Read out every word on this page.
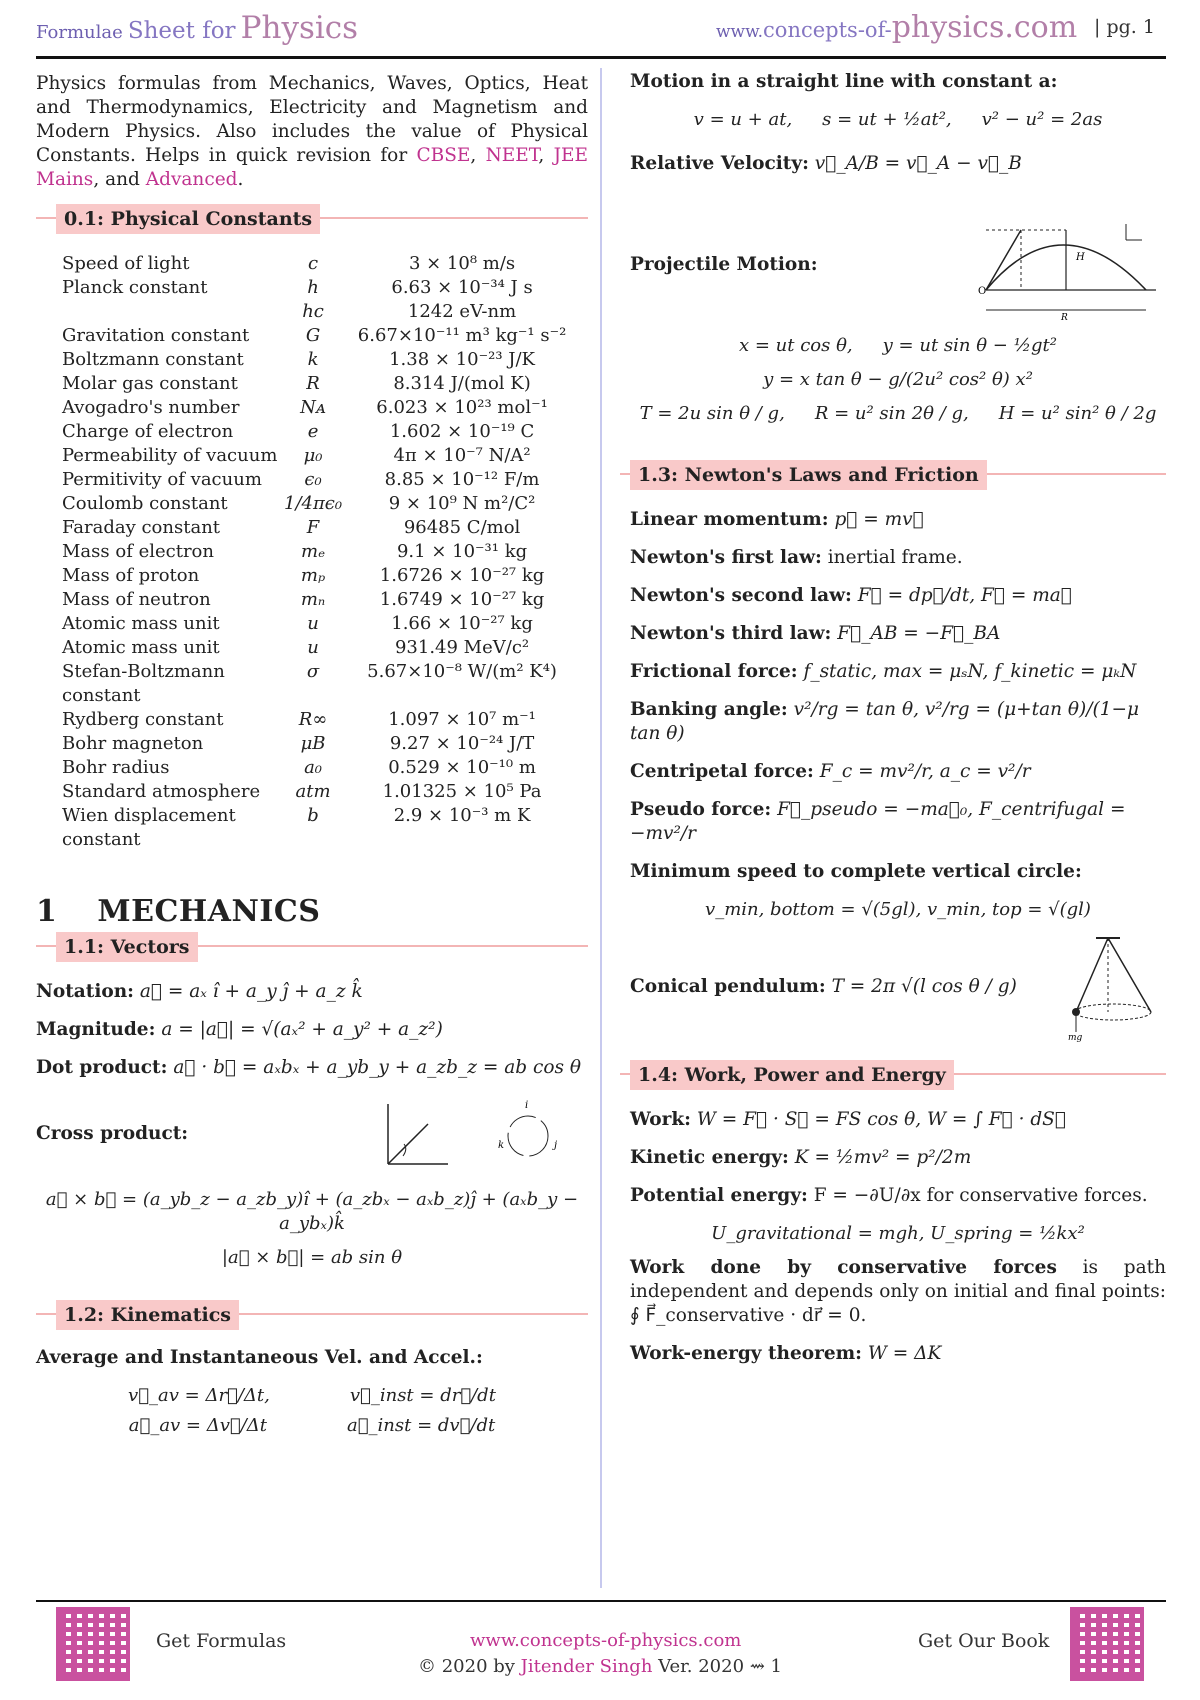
Formulae Sheet for Physics	www.concepts-of-physics.com | pg. 1
Physics formulas from Mechanics, Waves, Optics, Heat and Thermodynamics, Electricity and Magnetism and Modern Physics. Also includes the value of Physical Constants. Helps in quick revision for CBSE, NEET, JEE Mains, and Advanced.
0.1: Physical Constants
Speed of light	c	3 × 10⁸ m/s
Planck constant	h	6.63 × 10⁻³⁴ J s
	hc	1242 eV-nm
Gravitation constant	G	6.67×10⁻¹¹ m³ kg⁻¹ s⁻²
Boltzmann constant	k	1.38 × 10⁻²³ J/K
Molar gas constant	R	8.314 J/(mol K)
Avogadro's number	Nᴀ	6.023 × 10²³ mol⁻¹
Charge of electron	e	1.602 × 10⁻¹⁹ C
Permeability of vacuum	μ₀	4π × 10⁻⁷ N/A²
Permitivity of vacuum	ϵ₀	8.85 × 10⁻¹² F/m
Coulomb constant	1/4πϵ₀	9 × 10⁹ N m²/C²
Faraday constant	F	96485 C/mol
Mass of electron	mₑ	9.1 × 10⁻³¹ kg
Mass of proton	mₚ	1.6726 × 10⁻²⁷ kg
Mass of neutron	mₙ	1.6749 × 10⁻²⁷ kg
Atomic mass unit	u	1.66 × 10⁻²⁷ kg
Atomic mass unit	u	931.49 MeV/c²
Stefan-Boltzmann constant	σ	5.67×10⁻⁸ W/(m² K⁴)
Rydberg constant	R∞	1.097 × 10⁷ m⁻¹
Bohr magneton	μB	9.27 × 10⁻²⁴ J/T
Bohr radius	a₀	0.529 × 10⁻¹⁰ m
Standard atmosphere	atm	1.01325 × 10⁵ Pa
Wien displacement constant	b	2.9 × 10⁻³ m K
1 MECHANICS
1.1: Vectors
Notation: a⃗ = aₓ î + a_y ĵ + a_z k̂
Magnitude: a = |a⃗| = √(aₓ² + a_y² + a_z²)
Dot product: a⃗ · b⃗ = aₓbₓ + a_yb_y + a_zb_z = ab cos θ
Cross product:
i
j
k
a⃗ × b⃗ = (a_yb_z − a_zb_y)î + (a_zbₓ − aₓb_z)ĵ + (aₓb_y − a_ybₓ)k̂
|a⃗ × b⃗| = ab sin θ
1.2: Kinematics
Average and Instantaneous Vel. and Accel.:
v⃗_av = Δr⃗/Δt,	v⃗_inst = dr⃗/dt
a⃗_av = Δv⃗/Δt	a⃗_inst = dv⃗/dt
Motion in a straight line with constant a:
v = u + at, s = ut + ½at², v² − u² = 2as
Relative Velocity: v⃗_A/B = v⃗_A − v⃗_B
Projectile Motion:
O
H
R
x = ut cos θ, y = ut sin θ − ½gt²
y = x tan θ − g/(2u² cos² θ) x²
T = 2u sin θ / g, R = u² sin 2θ / g, H = u² sin² θ / 2g
1.3: Newton's Laws and Friction
Linear momentum: p⃗ = mv⃗
Newton's first law: inertial frame.
Newton's second law: F⃗ = dp⃗/dt, F⃗ = ma⃗
Newton's third law: F⃗_AB = −F⃗_BA
Frictional force: f_static, max = μₛN, f_kinetic = μₖN
Banking angle: v²/rg = tan θ, v²/rg = (μ+tan θ)/(1−μ tan θ)
Centripetal force: F_c = mv²/r, a_c = v²/r
Pseudo force: F⃗_pseudo = −ma⃗₀, F_centrifugal = −mv²/r
Minimum speed to complete vertical circle:
v_min, bottom = √(5gl), v_min, top = √(gl)
Conical pendulum: T = 2π √(l cos θ / g)
mg
1.4: Work, Power and Energy
Work: W = F⃗ · S⃗ = FS cos θ, W = ∫ F⃗ · dS⃗
Kinetic energy: K = ½mv² = p²/2m
Potential energy: F = −∂U/∂x for conservative forces.
U_gravitational = mgh, U_spring = ½kx²
Work done by conservative forces is path independent and depends only on initial and final points: ∮ F⃗_conservative · dr⃗ = 0.
Work-energy theorem: W = ΔK
Get Formulas	www.concepts-of-physics.com
© 2020 by Jitender Singh Ver. 2020 ⇝ 1
Get Our Book
